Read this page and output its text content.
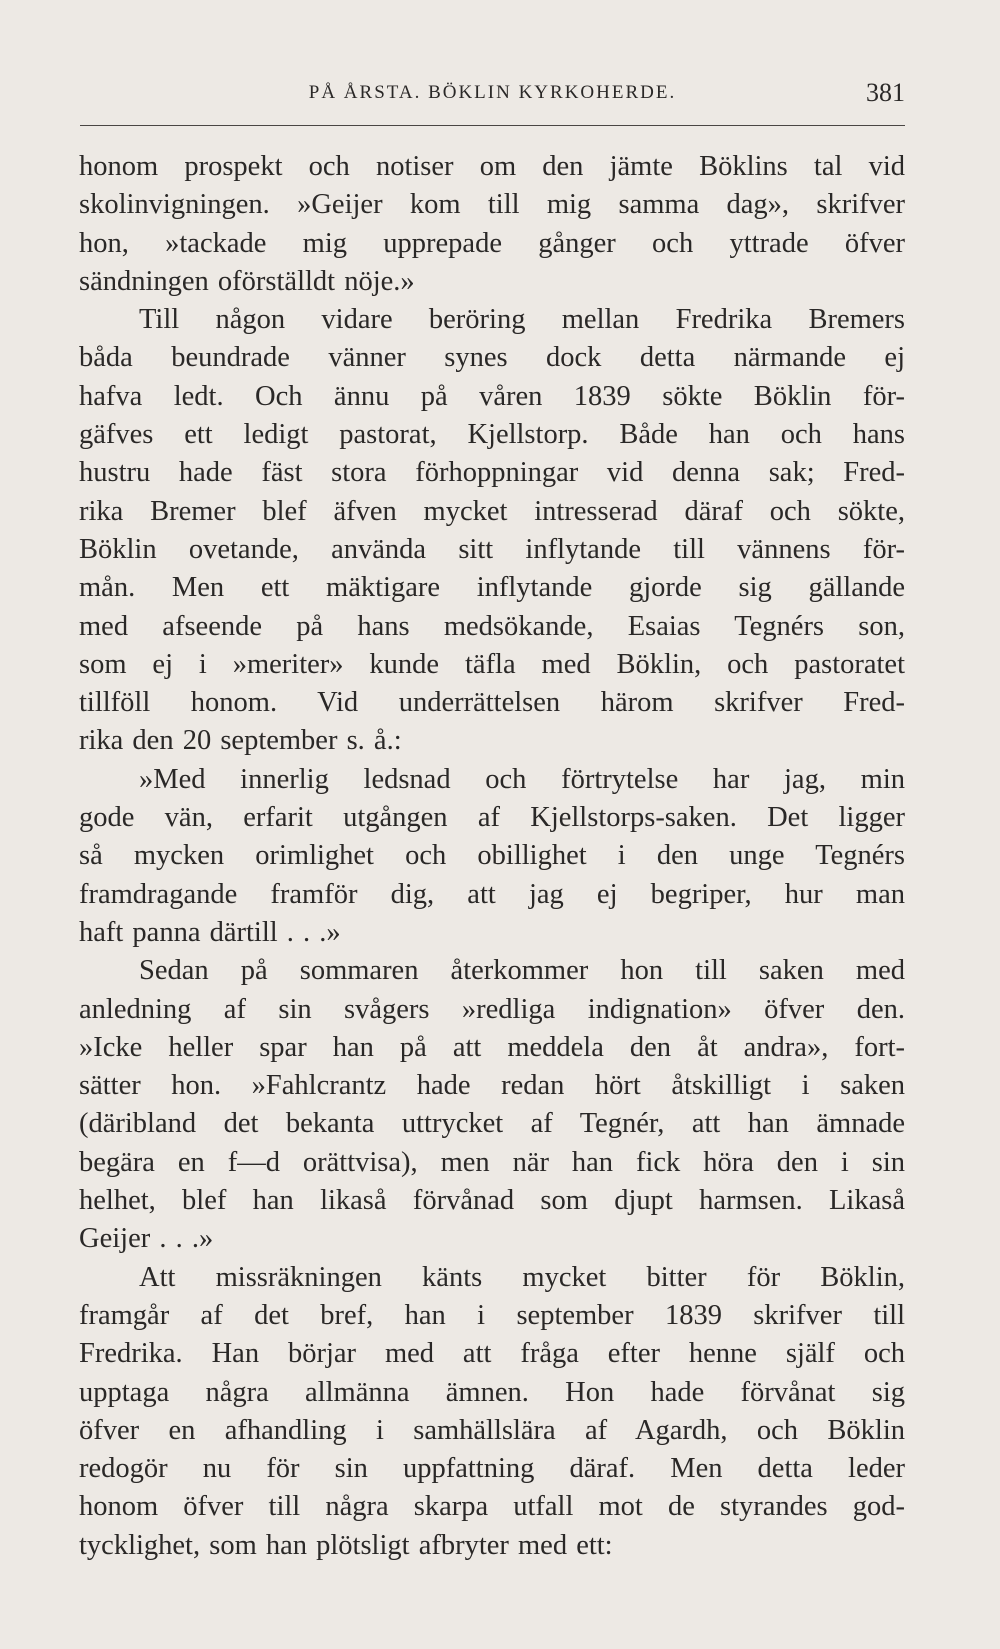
PÅ ÅRSTA. BÖKLIN KYRKOHERDE.	381
honom prospekt och notiser om den jämte Böklins tal vid
skolinvigningen. »Geijer kom till mig samma dag», skrifver
hon, »tackade mig upprepade gånger och yttrade öfver
sändningen oförställdt nöje.»
Till någon vidare beröring mellan Fredrika Bremers
båda beundrade vänner synes dock detta närmande ej
hafva ledt. Och ännu på våren 1839 sökte Böklin för-
gäfves ett ledigt pastorat, Kjellstorp. Både han och hans
hustru hade fäst stora förhoppningar vid denna sak; Fred-
rika Bremer blef äfven mycket intresserad däraf och sökte,
Böklin ovetande, använda sitt inflytande till vännens för-
mån. Men ett mäktigare inflytande gjorde sig gällande
med afseende på hans medsökande, Esaias Tegnérs son,
som ej i »meriter» kunde täfla med Böklin, och pastoratet
tillföll honom. Vid underrättelsen härom skrifver Fred-
rika den 20 september s. å.:
»Med innerlig ledsnad och förtrytelse har jag, min
gode vän, erfarit utgången af Kjellstorps-saken. Det ligger
så mycken orimlighet och obillighet i den unge Tegnérs
framdragande framför dig, att jag ej begriper, hur man
haft panna därtill . . .»
Sedan på sommaren återkommer hon till saken med
anledning af sin svågers »redliga indignation» öfver den.
»Icke heller spar han på att meddela den åt andra», fort-
sätter hon. »Fahlcrantz hade redan hört åtskilligt i saken
(däribland det bekanta uttrycket af Tegnér, att han ämnade
begära en f—d orättvisa), men när han fick höra den i sin
helhet, blef han likaså förvånad som djupt harmsen. Likaså
Geijer . . .»
Att missräkningen känts mycket bitter för Böklin,
framgår af det bref, han i september 1839 skrifver till
Fredrika. Han börjar med att fråga efter henne själf och
upptaga några allmänna ämnen. Hon hade förvånat sig
öfver en afhandling i samhällslära af Agardh, och Böklin
redogör nu för sin uppfattning däraf. Men detta leder
honom öfver till några skarpa utfall mot de styrandes god-
tycklighet, som han plötsligt afbryter med ett:
